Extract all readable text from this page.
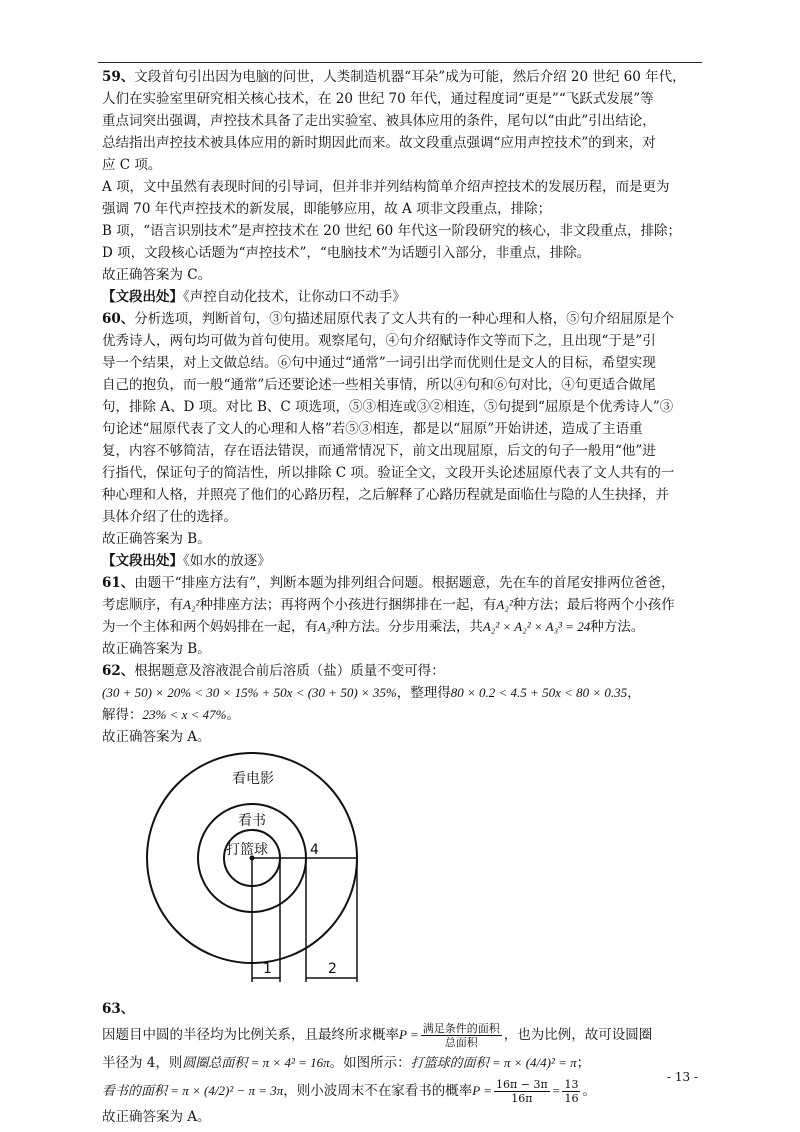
59、文段首句引出因为电脑的问世，人类制造机器“耳朵”成为可能，然后介绍 20 世纪 60 年代，

人们在实验室里研究相关核心技术，在 20 世纪 70 年代，通过程度词“更是”“飞跃式发展”等

重点词突出强调，声控技术具备了走出实验室、被具体应用的条件，尾句以“由此”引出结论，

总结指出声控技术被具体应用的新时期因此而来。故文段重点强调“应用声控技术”的到来，对

应 C 项。

A 项，文中虽然有表现时间的引导词，但并非并列结构简单介绍声控技术的发展历程，而是更为

强调 70 年代声控技术的新发展，即能够应用，故 A 项非文段重点，排除；

B 项，“语言识别技术”是声控技术在 20 世纪 60 年代这一阶段研究的核心，非文段重点，排除；

D 项，文段核心话题为“声控技术”，“电脑技术”为话题引入部分，非重点，排除。

故正确答案为 C。

【文段出处】《声控自动化技术，让你动口不动手》

60、分析选项，判断首句，③句描述屈原代表了文人共有的一种心理和人格，⑤句介绍屈原是个

优秀诗人，两句均可做为首句使用。观察尾句，④句介绍赋诗作文等而下之，且出现“于是”引

导一个结果，对上文做总结。⑥句中通过“通常”一词引出学而优则仕是文人的目标，希望实现

自己的抱负，而一般“通常”后还要论述一些相关事情，所以④句和⑥句对比，④句更适合做尾

句，排除 A、D 项。对比 B、C 项选项，⑤③相连或③②相连，⑤句提到“屈原是个优秀诗人”③

句论述“屈原代表了文人的心理和人格”若⑤③相连，都是以“屈原”开始讲述，造成了主语重

复，内容不够简洁，存在语法错误，而通常情况下，前文出现屈原，后文的句子一般用“他”进

行指代，保证句子的简洁性，所以排除 C 项。验证全文，文段开头论述屈原代表了文人共有的一

种心理和人格，并照亮了他们的心路历程，之后解释了心路历程就是面临仕与隐的人生抉择，并

具体介绍了仕的选择。

故正确答案为 B。

【文段出处】《如水的放逐》

61、由题干“排座方法有”，判断本题为排列组合问题。根据题意，先在车的首尾安排两位爸爸，

考虑顺序，有A₂²种排座方法；再将两个小孩进行捆绑排在一起，有A₂²种方法；最后将两个小孩作

为一个主体和两个妈妈排在一起，有A₃³种方法。分步用乘法，共A₂² × A₂² × A₃³ = 24种方法。

故正确答案为 B。

62、根据题意及溶液混合前后溶质（盐）质量不变可得：

(30 + 50) × 20% < 30 × 15% + 50x < (30 + 50) × 35%，整理得80 × 0.2 < 4.5 + 50x < 80 × 0.35，

解得：23% < x < 47%。

故正确答案为 A。

看电影
看书
打篮球	4
1	2

63、

因题目中圆的半径均为比例关系，且最终所求概率$P = \frac{\text{满足条件的面积}}{\text{总面积}}$ ，也为比例，故可设圆圈

半径为 4，则圆圈总面积 = π × 4² = 16π。如图所示：打篮球的面积 = π × (4/4)² = π；

看书的面积 = π × (4/2)² − π = 3π，则小波周末不在家看书的概率$P = \frac{16\pi - 3\pi}{16\pi} = \frac{13}{16}$ 。

故正确答案为 A。

- 13 -
